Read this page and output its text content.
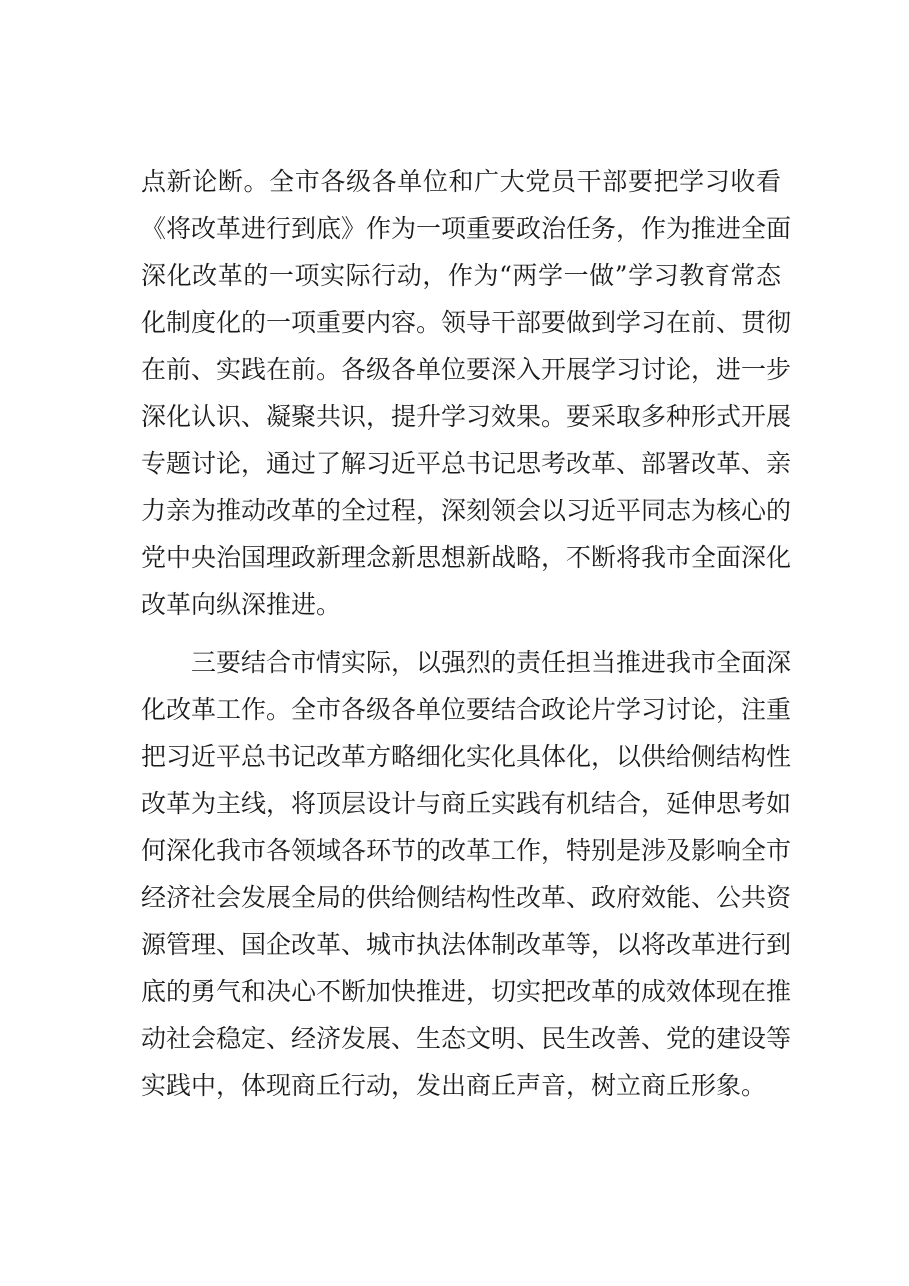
点新论断。全市各级各单位和广大党员干部要把学习收看
《将改革进行到底》作为一项重要政治任务，作为推进全面
深化改革的一项实际行动，作为“两学一做”学习教育常态
化制度化的一项重要内容。领导干部要做到学习在前、贯彻
在前、实践在前。各级各单位要深入开展学习讨论，进一步
深化认识、凝聚共识，提升学习效果。要采取多种形式开展
专题讨论，通过了解习近平总书记思考改革、部署改革、亲
力亲为推动改革的全过程，深刻领会以习近平同志为核心的
党中央治国理政新理念新思想新战略，不断将我市全面深化
改革向纵深推进。
三要结合市情实际，以强烈的责任担当推进我市全面深
化改革工作。全市各级各单位要结合政论片学习讨论，注重
把习近平总书记改革方略细化实化具体化，以供给侧结构性
改革为主线，将顶层设计与商丘实践有机结合，延伸思考如
何深化我市各领域各环节的改革工作，特别是涉及影响全市
经济社会发展全局的供给侧结构性改革、政府效能、公共资
源管理、国企改革、城市执法体制改革等，以将改革进行到
底的勇气和决心不断加快推进，切实把改革的成效体现在推
动社会稳定、经济发展、生态文明、民生改善、党的建设等
实践中，体现商丘行动，发出商丘声音，树立商丘形象。
